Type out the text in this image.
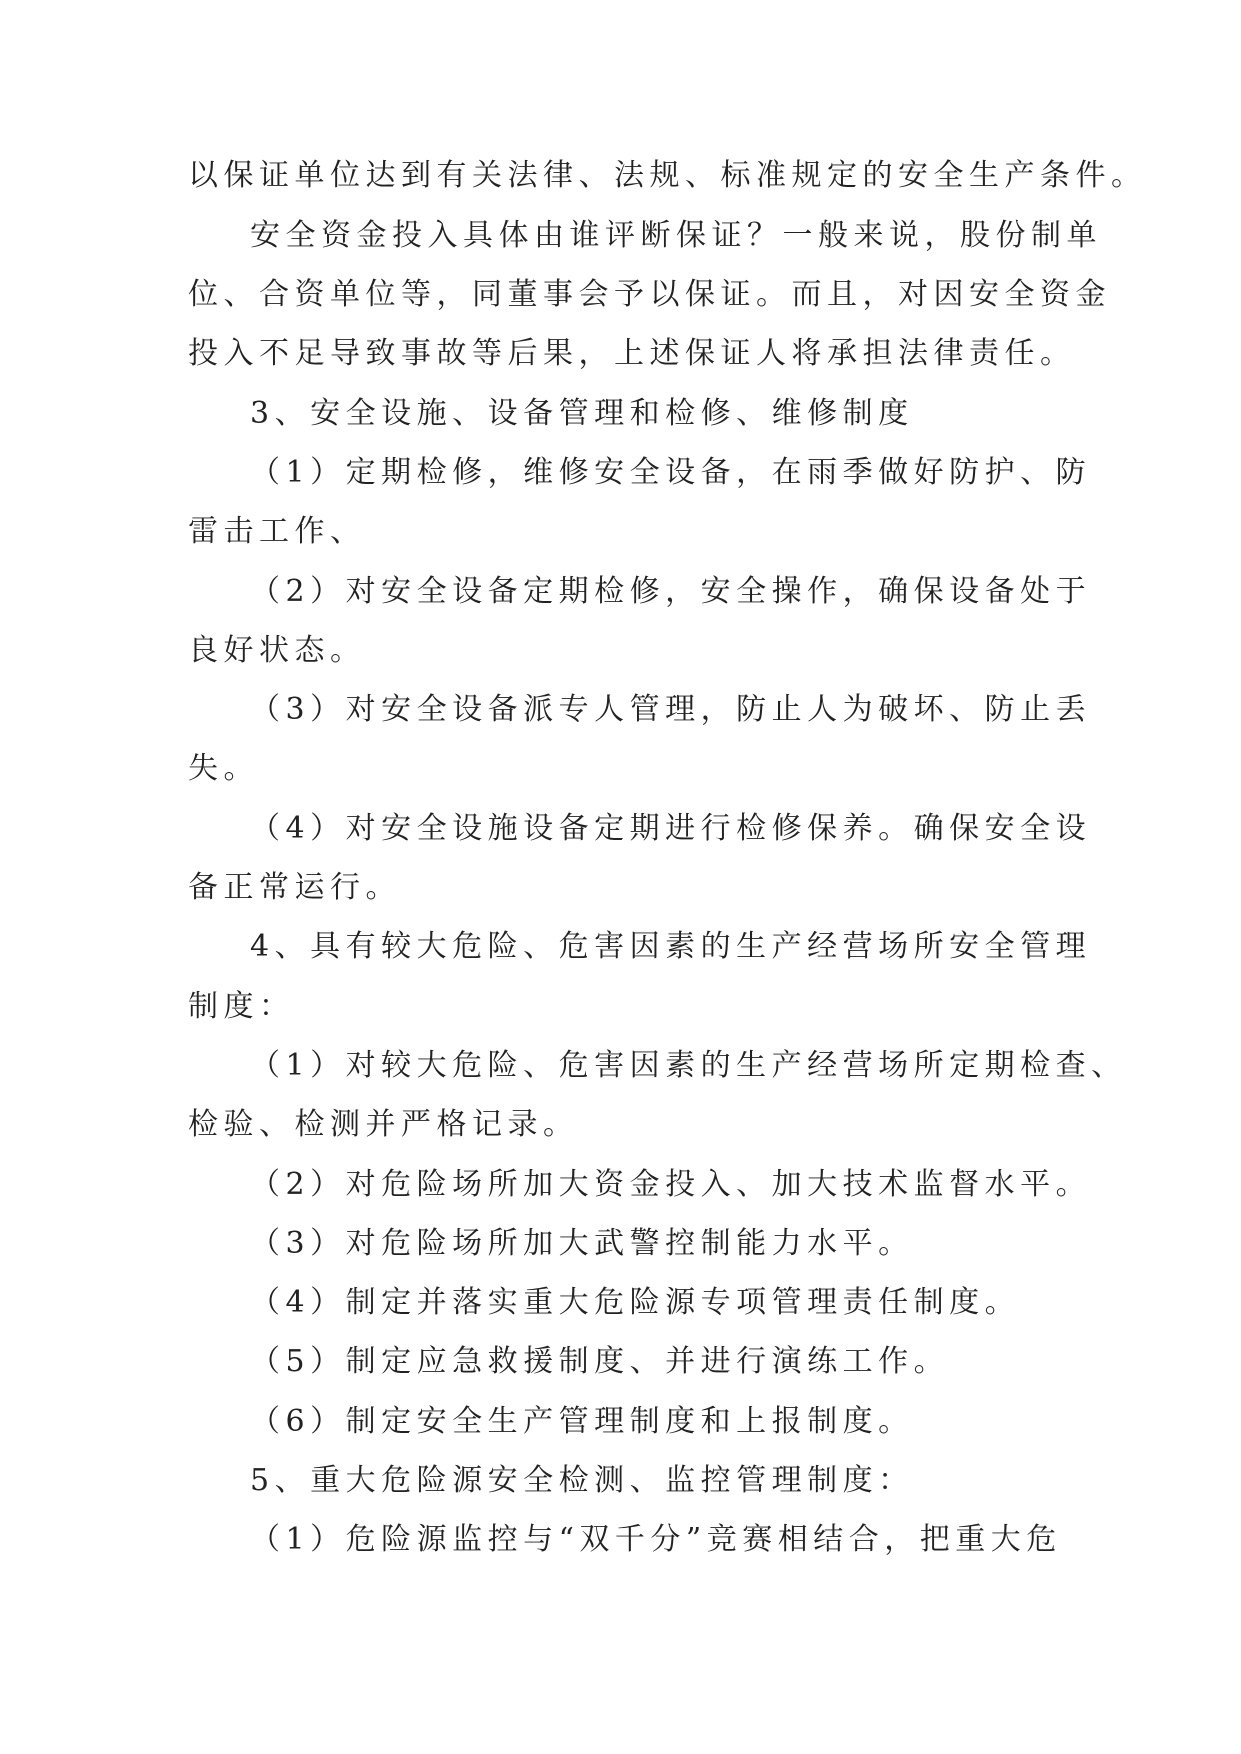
以保证单位达到有关法律、法规、标准规定的安全生产条件。

安全资金投入具体由谁评断保证？一般来说，股份制单

位、合资单位等，同董事会予以保证。而且，对因安全资金

投入不足导致事故等后果，上述保证人将承担法律责任。

3、安全设施、设备管理和检修、维修制度

（1）定期检修，维修安全设备，在雨季做好防护、防

雷击工作、

（2）对安全设备定期检修，安全操作，确保设备处于

良好状态。

（3）对安全设备派专人管理，防止人为破坏、防止丢

失。

（4）对安全设施设备定期进行检修保养。确保安全设

备正常运行。

4、具有较大危险、危害因素的生产经营场所安全管理

制度：

（1）对较大危险、危害因素的生产经营场所定期检查、

检验、检测并严格记录。

（2）对危险场所加大资金投入、加大技术监督水平。

（3）对危险场所加大武警控制能力水平。

（4）制定并落实重大危险源专项管理责任制度。

（5）制定应急救援制度、并进行演练工作。

（6）制定安全生产管理制度和上报制度。

5、重大危险源安全检测、监控管理制度：

（1）危险源监控与“双千分”竞赛相结合，把重大危
